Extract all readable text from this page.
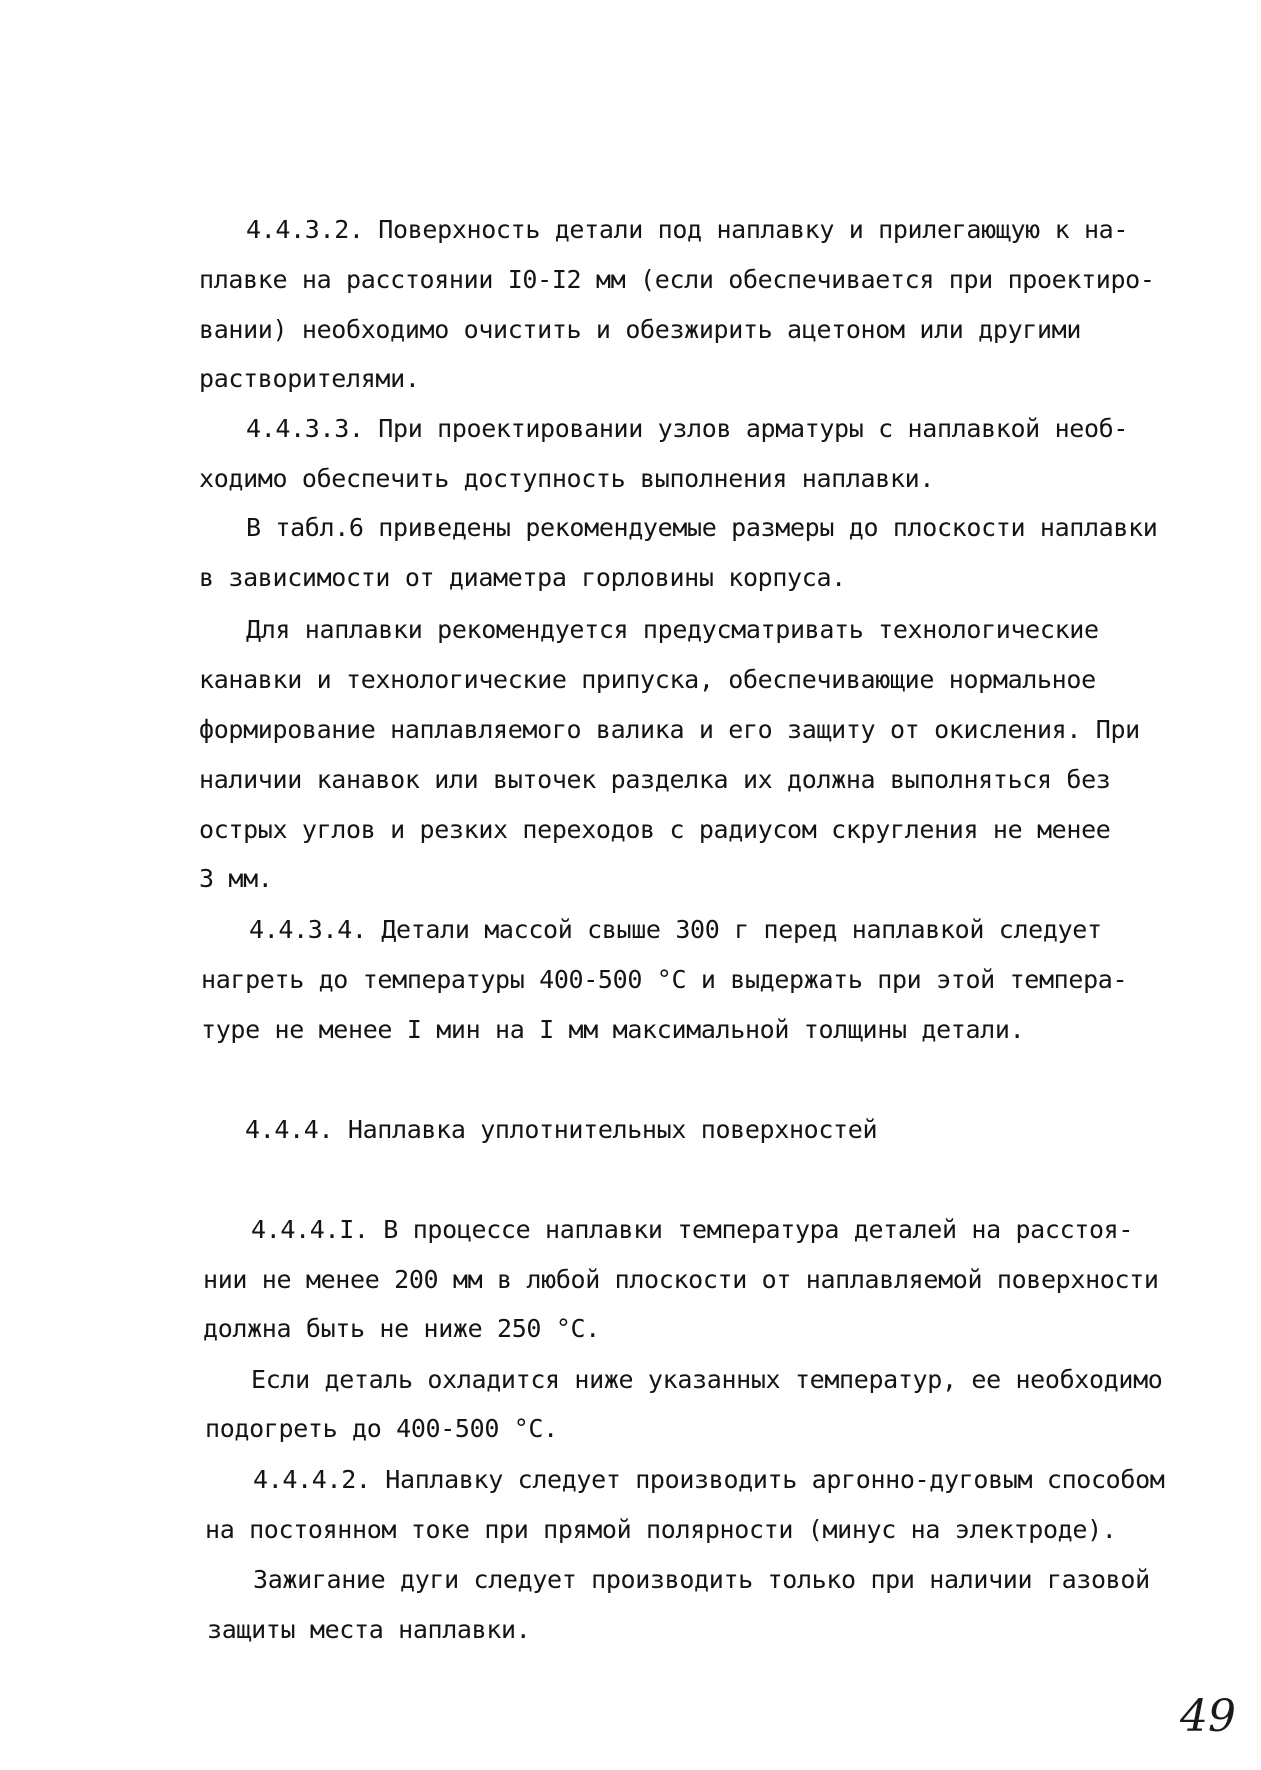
4.4.3.2. Поверхность детали под наплавку и прилегающую к на-
плавке на расстоянии I0-I2 мм (если обеспечивается при проектиро-
вании) необходимо очистить и обезжирить ацетоном или другими
растворителями.
4.4.3.3. При проектировании узлов арматуры с наплавкой необ-
ходимо обеспечить доступность выполнения наплавки.
В табл.6 приведены рекомендуемые размеры до плоскости наплавки
в зависимости от диаметра горловины корпуса.
Для наплавки рекомендуется предусматривать технологические
канавки и технологические припуска, обеспечивающие нормальное
формирование наплавляемого валика и его защиту от окисления. При
наличии канавок или выточек разделка их должна выполняться без
острых углов и резких переходов с радиусом скругления не менее
3 мм.
4.4.3.4. Детали массой свыше 300 г перед наплавкой следует
нагреть до температуры 400-500 °С и выдержать при этой темпера-
туре не менее I мин на I мм максимальной толщины детали.
4.4.4. Наплавка уплотнительных поверхностей
4.4.4.I. В процессе наплавки температура деталей на расстоя-
нии не менее 200 мм в любой плоскости от наплавляемой поверхности
должна быть не ниже 250 °С.
Если деталь охладится ниже указанных температур, ее необходимо
подогреть до 400-500 °С.
4.4.4.2. Наплавку следует производить аргонно-дуговым способом
на постоянном токе при прямой полярности (минус на электроде).
Зажигание дуги следует производить только при наличии газовой
защиты места наплавки.
49
